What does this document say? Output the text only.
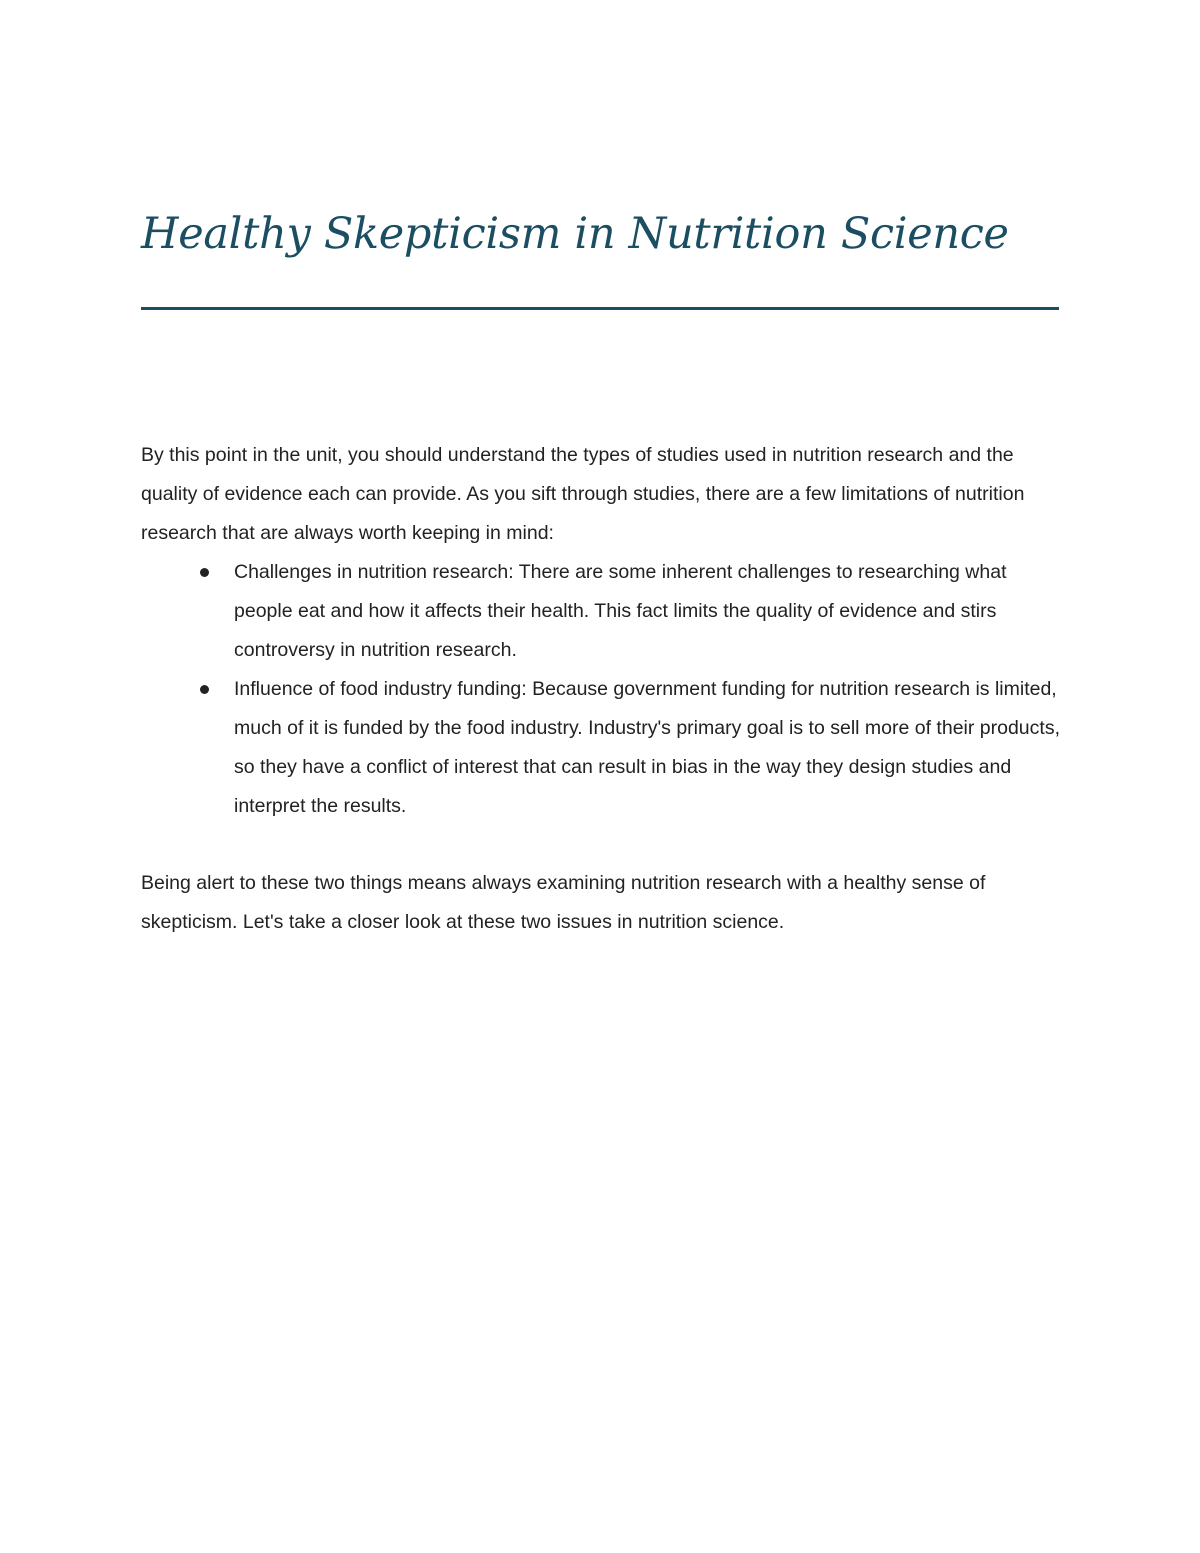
Healthy Skepticism in Nutrition Science

By this point in the unit, you should understand the types of studies used in nutrition research and the quality of evidence each can provide. As you sift through studies, there are a few limitations of nutrition research that are always worth keeping in mind:

Challenges in nutrition research: There are some inherent challenges to researching what people eat and how it affects their health. This fact limits the quality of evidence and stirs controversy in nutrition research.
Influence of food industry funding: Because government funding for nutrition research is limited, much of it is funded by the food industry. Industry's primary goal is to sell more of their products, so they have a conflict of interest that can result in bias in the way they design studies and interpret the results.

Being alert to these two things means always examining nutrition research with a healthy sense of skepticism. Let's take a closer look at these two issues in nutrition science.
